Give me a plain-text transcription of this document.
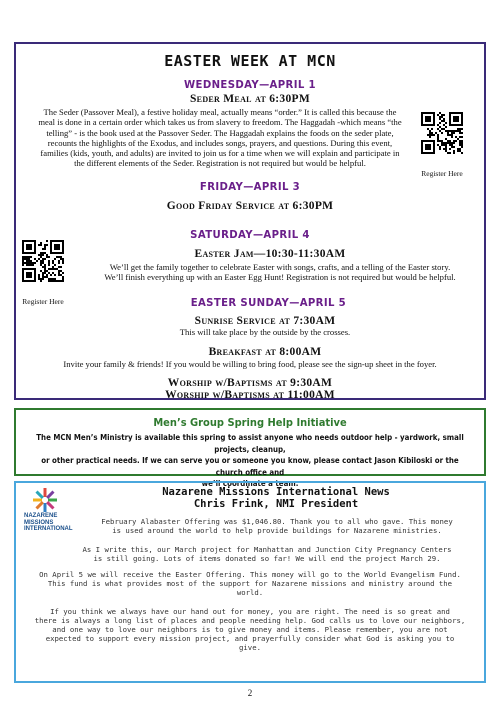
EASTER WEEK AT MCN
WEDNESDAY—APRIL 1
Seder Meal at 6:30PM
The Seder (Passover Meal), a festive holiday meal, actually means “order.” It is called this because the
meal is done in a certain order which takes us from slavery to freedom. The Haggadah -which means “the
telling” - is the book used at the Passover Seder. The Haggadah explains the foods on the seder plate,
recounts the highlights of the Exodus, and includes songs, prayers, and questions. During this event,
families (kids, youth, and adults) are invited to join us for a time when we will explain and participate in
the different elements of the Seder. Registration is not required but would be helpful.
Register Here
FRIDAY—APRIL 3
Good Friday Service at 6:30PM
SATURDAY—APRIL 4
Register Here
Easter Jam—10:30-11:30AM
We’ll get the family together to celebrate Easter with songs, crafts, and a telling of the Easter story.
We’ll finish everything up with an Easter Egg Hunt! Registration is not required but would be helpful.
EASTER SUNDAY—APRIL 5
Sunrise Service at 7:30AM
This will take place by the outside by the crosses.
Breakfast at 8:00AM
Invite your family & friends! If you would be willing to bring food, please see the sign-up sheet in the foyer.
Worship w/Baptisms at 9:30AM
Worship w/Baptisms at 11:00AM
Men’s Group Spring Help Initiative
The MCN Men’s Ministry is available this spring to assist anyone who needs outdoor help - yardwork, small projects, cleanup,
or other practical needs. If we can serve you or someone you know, please contact Jason Kibiloski or the church office and
we’ll coordinate a team.
NAZARENE
MISSIONS
INTERNATIONAL
Nazarene Missions International News
Chris Frink, NMI President
February Alabaster Offering was $1,046.80. Thank you to all who gave. This money
is used around the world to help provide buildings for Nazarene ministries.
As I write this, our March project for Manhattan and Junction City Pregnancy Centers
is still going. Lots of items donated so far! We will end the project March 29.
On April 5 we will receive the Easter Offering. This money will go to the World Evangelism Fund.
This fund is what provides most of the support for Nazarene missions and ministry around the
world.
If you think we always have our hand out for money, you are right. The need is so great and
there is always a long list of places and people needing help. God calls us to love our neighbors,
and one way to love our neighbors is to give money and items. Please remember, you are not
expected to support every mission project, and prayerfully consider what God is asking you to
give.
2
